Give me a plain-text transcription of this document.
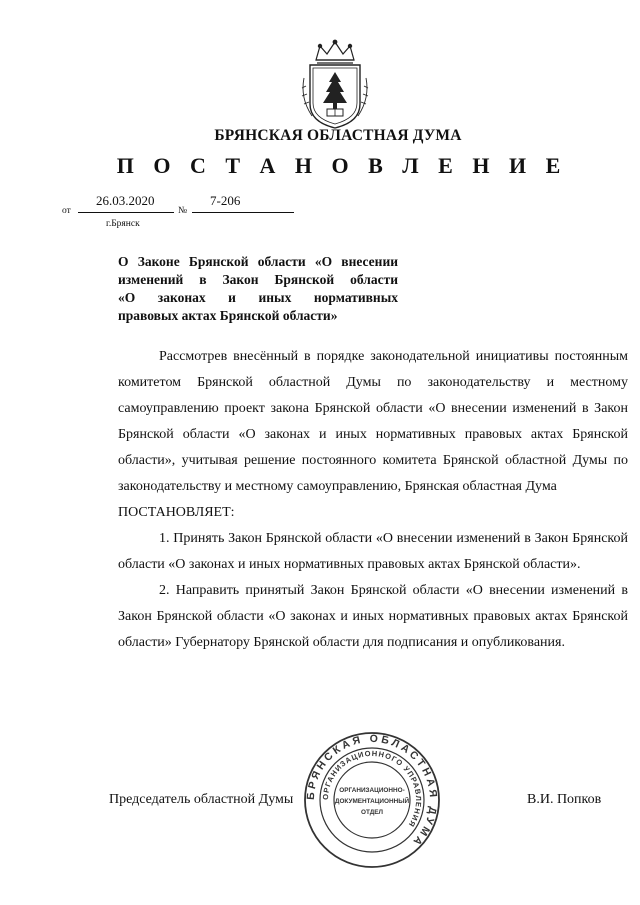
БРЯНСКАЯ ОБЛАСТНАЯ ДУМА
П О С Т А Н О В Л Е Н И Е
от
26.03.2020
№
7-206
г.Брянск
О Законе Брянской области «О внесении
изменений в Закон Брянской области
«О законах и иных нормативных
правовых актах Брянской области»

Рассмотрев внесённый в порядке законодательной инициативы постоянным комитетом Брянской областной Думы по законодательству и местному самоуправлению проект закона Брянской области «О внесении изменений в Закон Брянской области «О законах и иных нормативных правовых актах Брянской области», учитывая решение постоянного комитета Брянской областной Думы по законодательству и местному самоуправлению, Брянская областная Дума

ПОСТАНОВЛЯЕТ:

1. Принять Закон Брянской области «О внесении изменений в Закон Брянской области «О законах и иных нормативных правовых актах Брянской области».

2. Направить принятый Закон Брянской области «О внесении изменений в Закон Брянской области «О законах и иных нормативных правовых актах Брянской области» Губернатору Брянской области для подписания и опубликования.

Председатель областной Думы	В.И. Попков
БРЯНСКАЯ ОБЛАСТНАЯ ДУМА
ОРГАНИЗАЦИОННОГО УПРАВЛЕНИЯ
ОРГАНИЗАЦИОННО-
ДОКУМЕНТАЦИОННЫЙ
ОТДЕЛ
